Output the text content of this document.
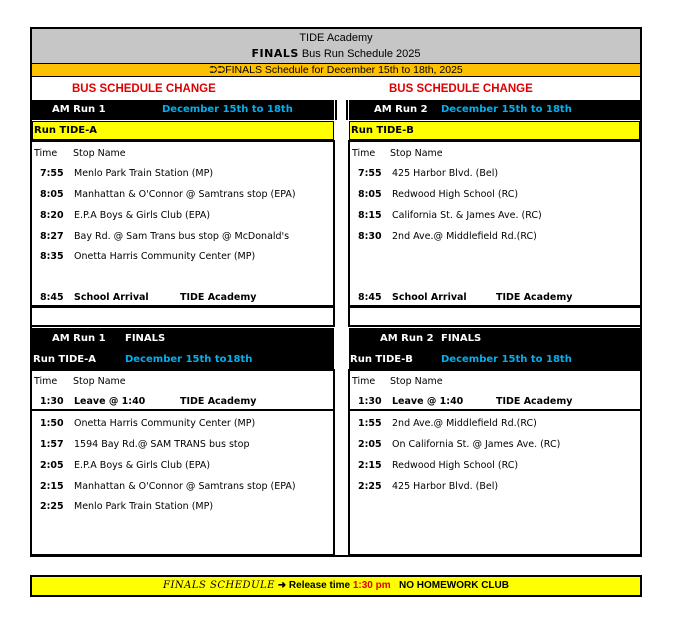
TIDE Academy
FINALS Bus Run Schedule 2025
⮊⮊FINALS Schedule for December 15th to 18th, 2025
BUS SCHEDULE CHANGE	BUS SCHEDULE CHANGE
AM Run 1	December 15th to 18th
Run TIDE-A
Time Stop Name
7:55 Menlo Park Train Station (MP)
8:05 Manhattan & O'Connor @ Samtrans stop (EPA)
8:20 E.P.A Boys & Girls Club (EPA)
8:27 Bay Rd. @ Sam Trans bus stop @ McDonald's
8:35 Onetta Harris Community Center (MP)
8:45 School Arrival	TIDE Academy
AM Run 2 December 15th to 18th
Run TIDE-B
Time Stop Name
7:55 425 Harbor Blvd. (Bel)
8:05 Redwood High School (RC)
8:15 California St. & James Ave. (RC)
8:30 2nd Ave.@ Middlefield Rd.(RC)
8:45 School Arrival	TIDE Academy
AM Run 1 FINALS
Run TIDE-A	December 15th to18th
Time Stop Name
1:30 Leave @ 1:40	TIDE Academy
1:50 Onetta Harris Community Center (MP)
1:57 1594 Bay Rd.@ SAM TRANS bus stop
2:05 E.P.A Boys & Girls Club (EPA)
2:15 Manhattan & O'Connor @ Samtrans stop (EPA)
2:25 Menlo Park Train Station (MP)
AM Run 2 FINALS
Run TIDE-B	December 15th to 18th
Time Stop Name
1:30 Leave @ 1:40	TIDE Academy
1:55 2nd Ave.@ Middlefield Rd.(RC)
2:05 On California St. @ James Ave. (RC)
2:15 Redwood High School (RC)
2:25 425 Harbor Blvd. (Bel)
FINALS SCHEDULE ➜ Release time 1:30 pm NO HOMEWORK CLUB
